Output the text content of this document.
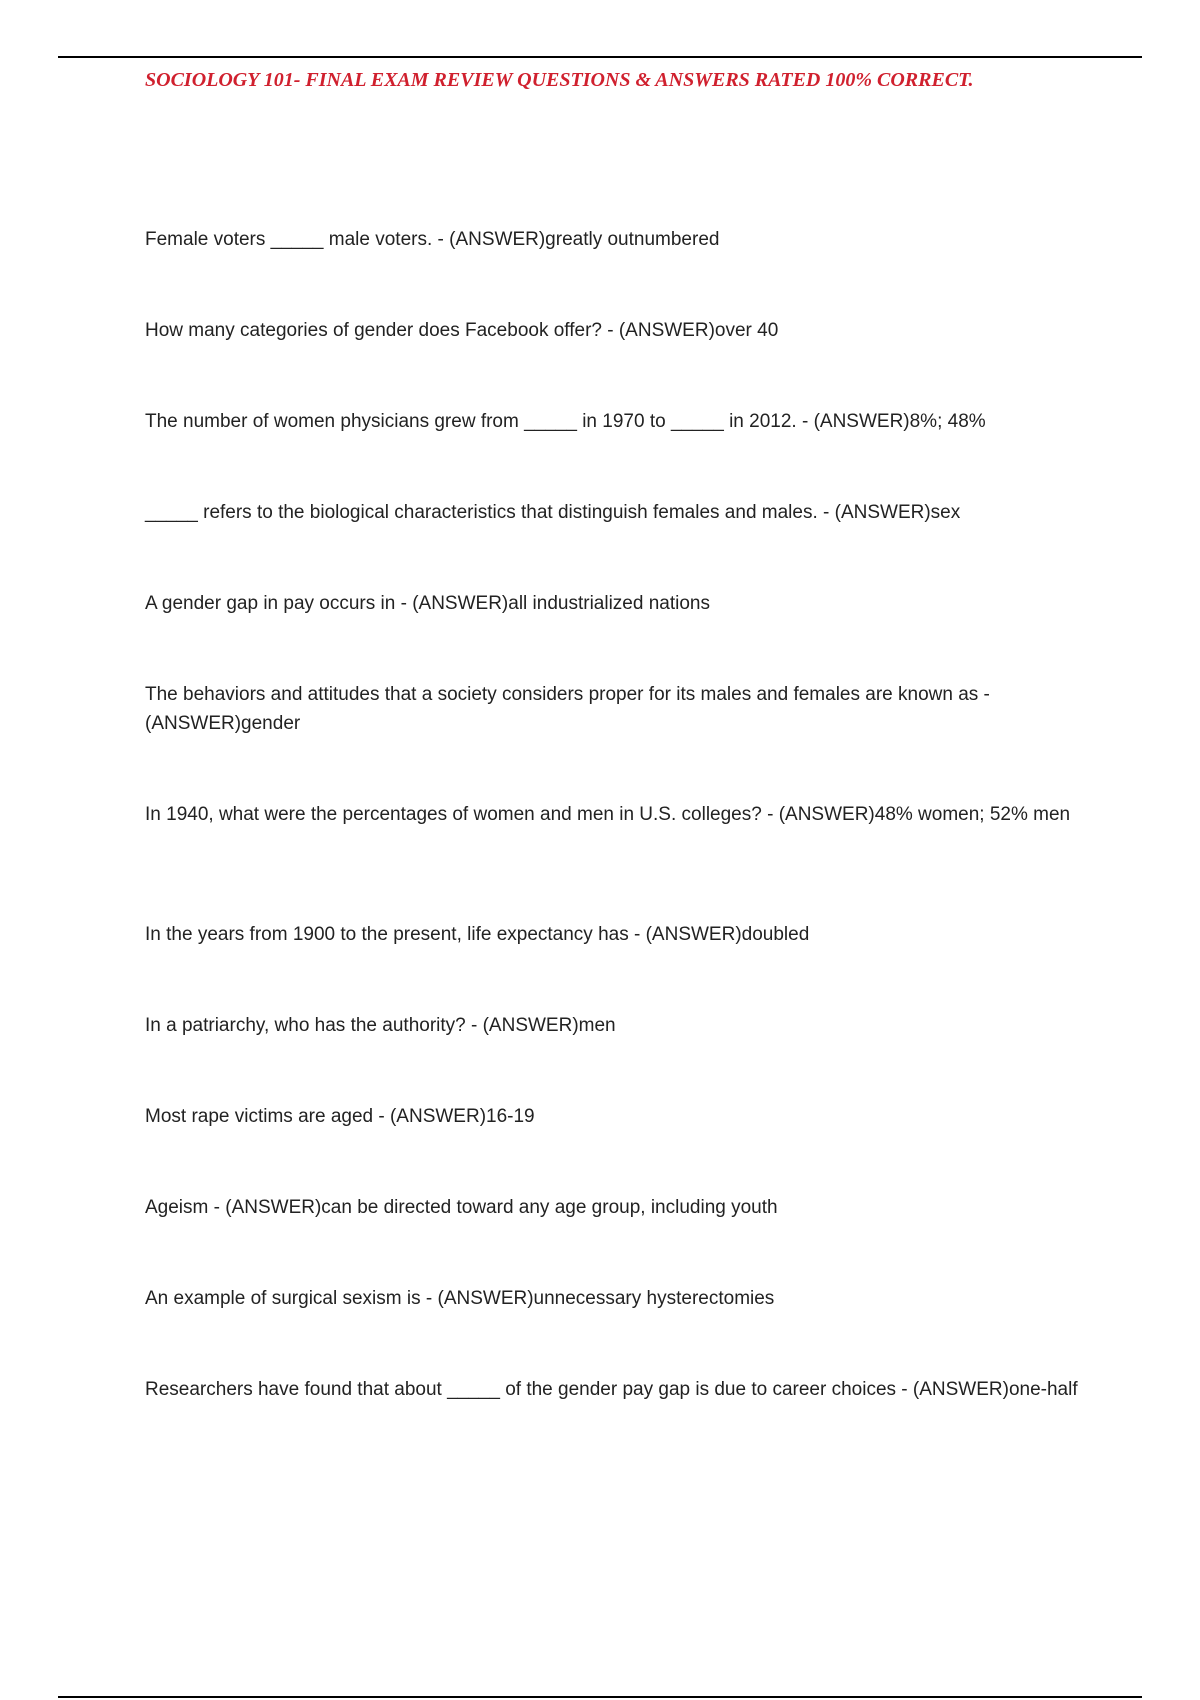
SOCIOLOGY 101- FINAL EXAM REVIEW QUESTIONS & ANSWERS RATED 100% CORRECT.

Female voters _____ male voters. - (ANSWER)greatly outnumbered

How many categories of gender does Facebook offer? - (ANSWER)over 40

The number of women physicians grew from _____ in 1970 to _____ in 2012. - (ANSWER)8%; 48%

_____ refers to the biological characteristics that distinguish females and males. - (ANSWER)sex

A gender gap in pay occurs in - (ANSWER)all industrialized nations

The behaviors and attitudes that a society considers proper for its males and females are known as - (ANSWER)gender

In 1940, what were the percentages of women and men in U.S. colleges? - (ANSWER)48% women; 52% men

In the years from 1900 to the present, life expectancy has - (ANSWER)doubled

In a patriarchy, who has the authority? - (ANSWER)men

Most rape victims are aged - (ANSWER)16-19

Ageism - (ANSWER)can be directed toward any age group, including youth

An example of surgical sexism is - (ANSWER)unnecessary hysterectomies

Researchers have found that about _____ of the gender pay gap is due to career choices - (ANSWER)one-half
